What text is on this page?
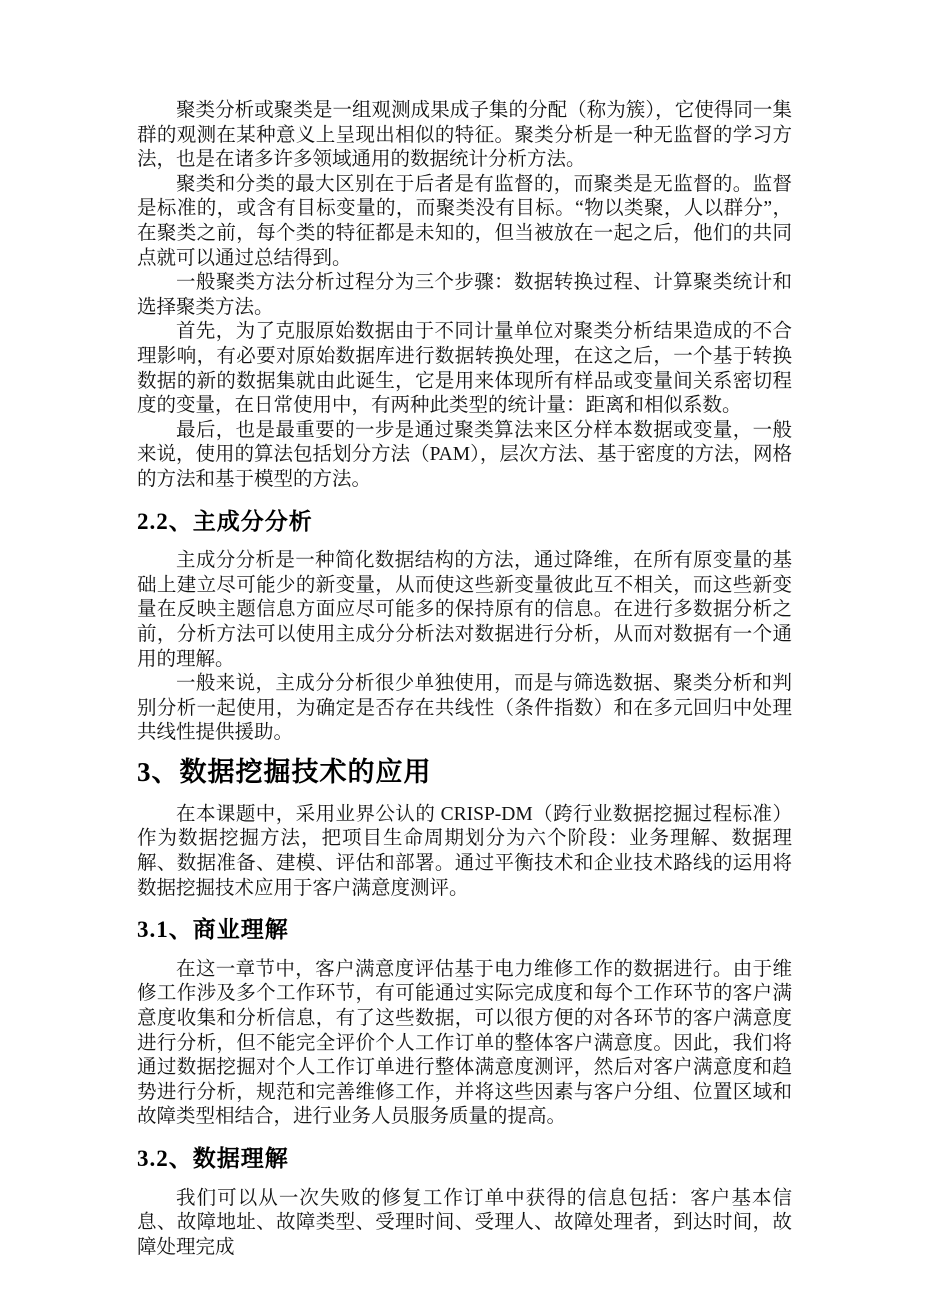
聚类分析或聚类是一组观测成果成子集的分配（称为簇），它使得同一集群的观测在某种意义上呈现出相似的特征。聚类分析是一种无监督的学习方法，也是在诸多许多领域通用的数据统计分析方法。

聚类和分类的最大区别在于后者是有监督的，而聚类是无监督的。监督是标准的，或含有目标变量的，而聚类没有目标。“物以类聚，人以群分”，在聚类之前，每个类的特征都是未知的，但当被放在一起之后，他们的共同点就可以通过总结得到。

一般聚类方法分析过程分为三个步骤：数据转换过程、计算聚类统计和选择聚类方法。

首先，为了克服原始数据由于不同计量单位对聚类分析结果造成的不合理影响，有必要对原始数据库进行数据转换处理，在这之后，一个基于转换数据的新的数据集就由此诞生，它是用来体现所有样品或变量间关系密切程度的变量，在日常使用中，有两种此类型的统计量：距离和相似系数。

最后，也是最重要的一步是通过聚类算法来区分样本数据或变量，一般来说，使用的算法包括划分方法（PAM），层次方法、基于密度的方法，网格的方法和基于模型的方法。

2.2、主成分分析

主成分分析是一种简化数据结构的方法，通过降维，在所有原变量的基础上建立尽可能少的新变量，从而使这些新变量彼此互不相关，而这些新变量在反映主题信息方面应尽可能多的保持原有的信息。在进行多数据分析之前，分析方法可以使用主成分分析法对数据进行分析，从而对数据有一个通用的理解。

一般来说，主成分分析很少单独使用，而是与筛选数据、聚类分析和判别分析一起使用，为确定是否存在共线性（条件指数）和在多元回归中处理共线性提供援助。

3、数据挖掘技术的应用

在本课题中，采用业界公认的 CRISP-DM（跨行业数据挖掘过程标准）作为数据挖掘方法，把项目生命周期划分为六个阶段：业务理解、数据理解、数据准备、建模、评估和部署。通过平衡技术和企业技术路线的运用将数据挖掘技术应用于客户满意度测评。

3.1、商业理解

在这一章节中，客户满意度评估基于电力维修工作的数据进行。由于维修工作涉及多个工作环节，有可能通过实际完成度和每个工作环节的客户满意度收集和分析信息，有了这些数据，可以很方便的对各环节的客户满意度进行分析，但不能完全评价个人工作订单的整体客户满意度。因此，我们将通过数据挖掘对个人工作订单进行整体满意度测评，然后对客户满意度和趋势进行分析，规范和完善维修工作，并将这些因素与客户分组、位置区域和故障类型相结合，进行业务人员服务质量的提高。

3.2、数据理解

我们可以从一次失败的修复工作订单中获得的信息包括：客户基本信息、故障地址、故障类型、受理时间、受理人、故障处理者，到达时间，故障处理完成
